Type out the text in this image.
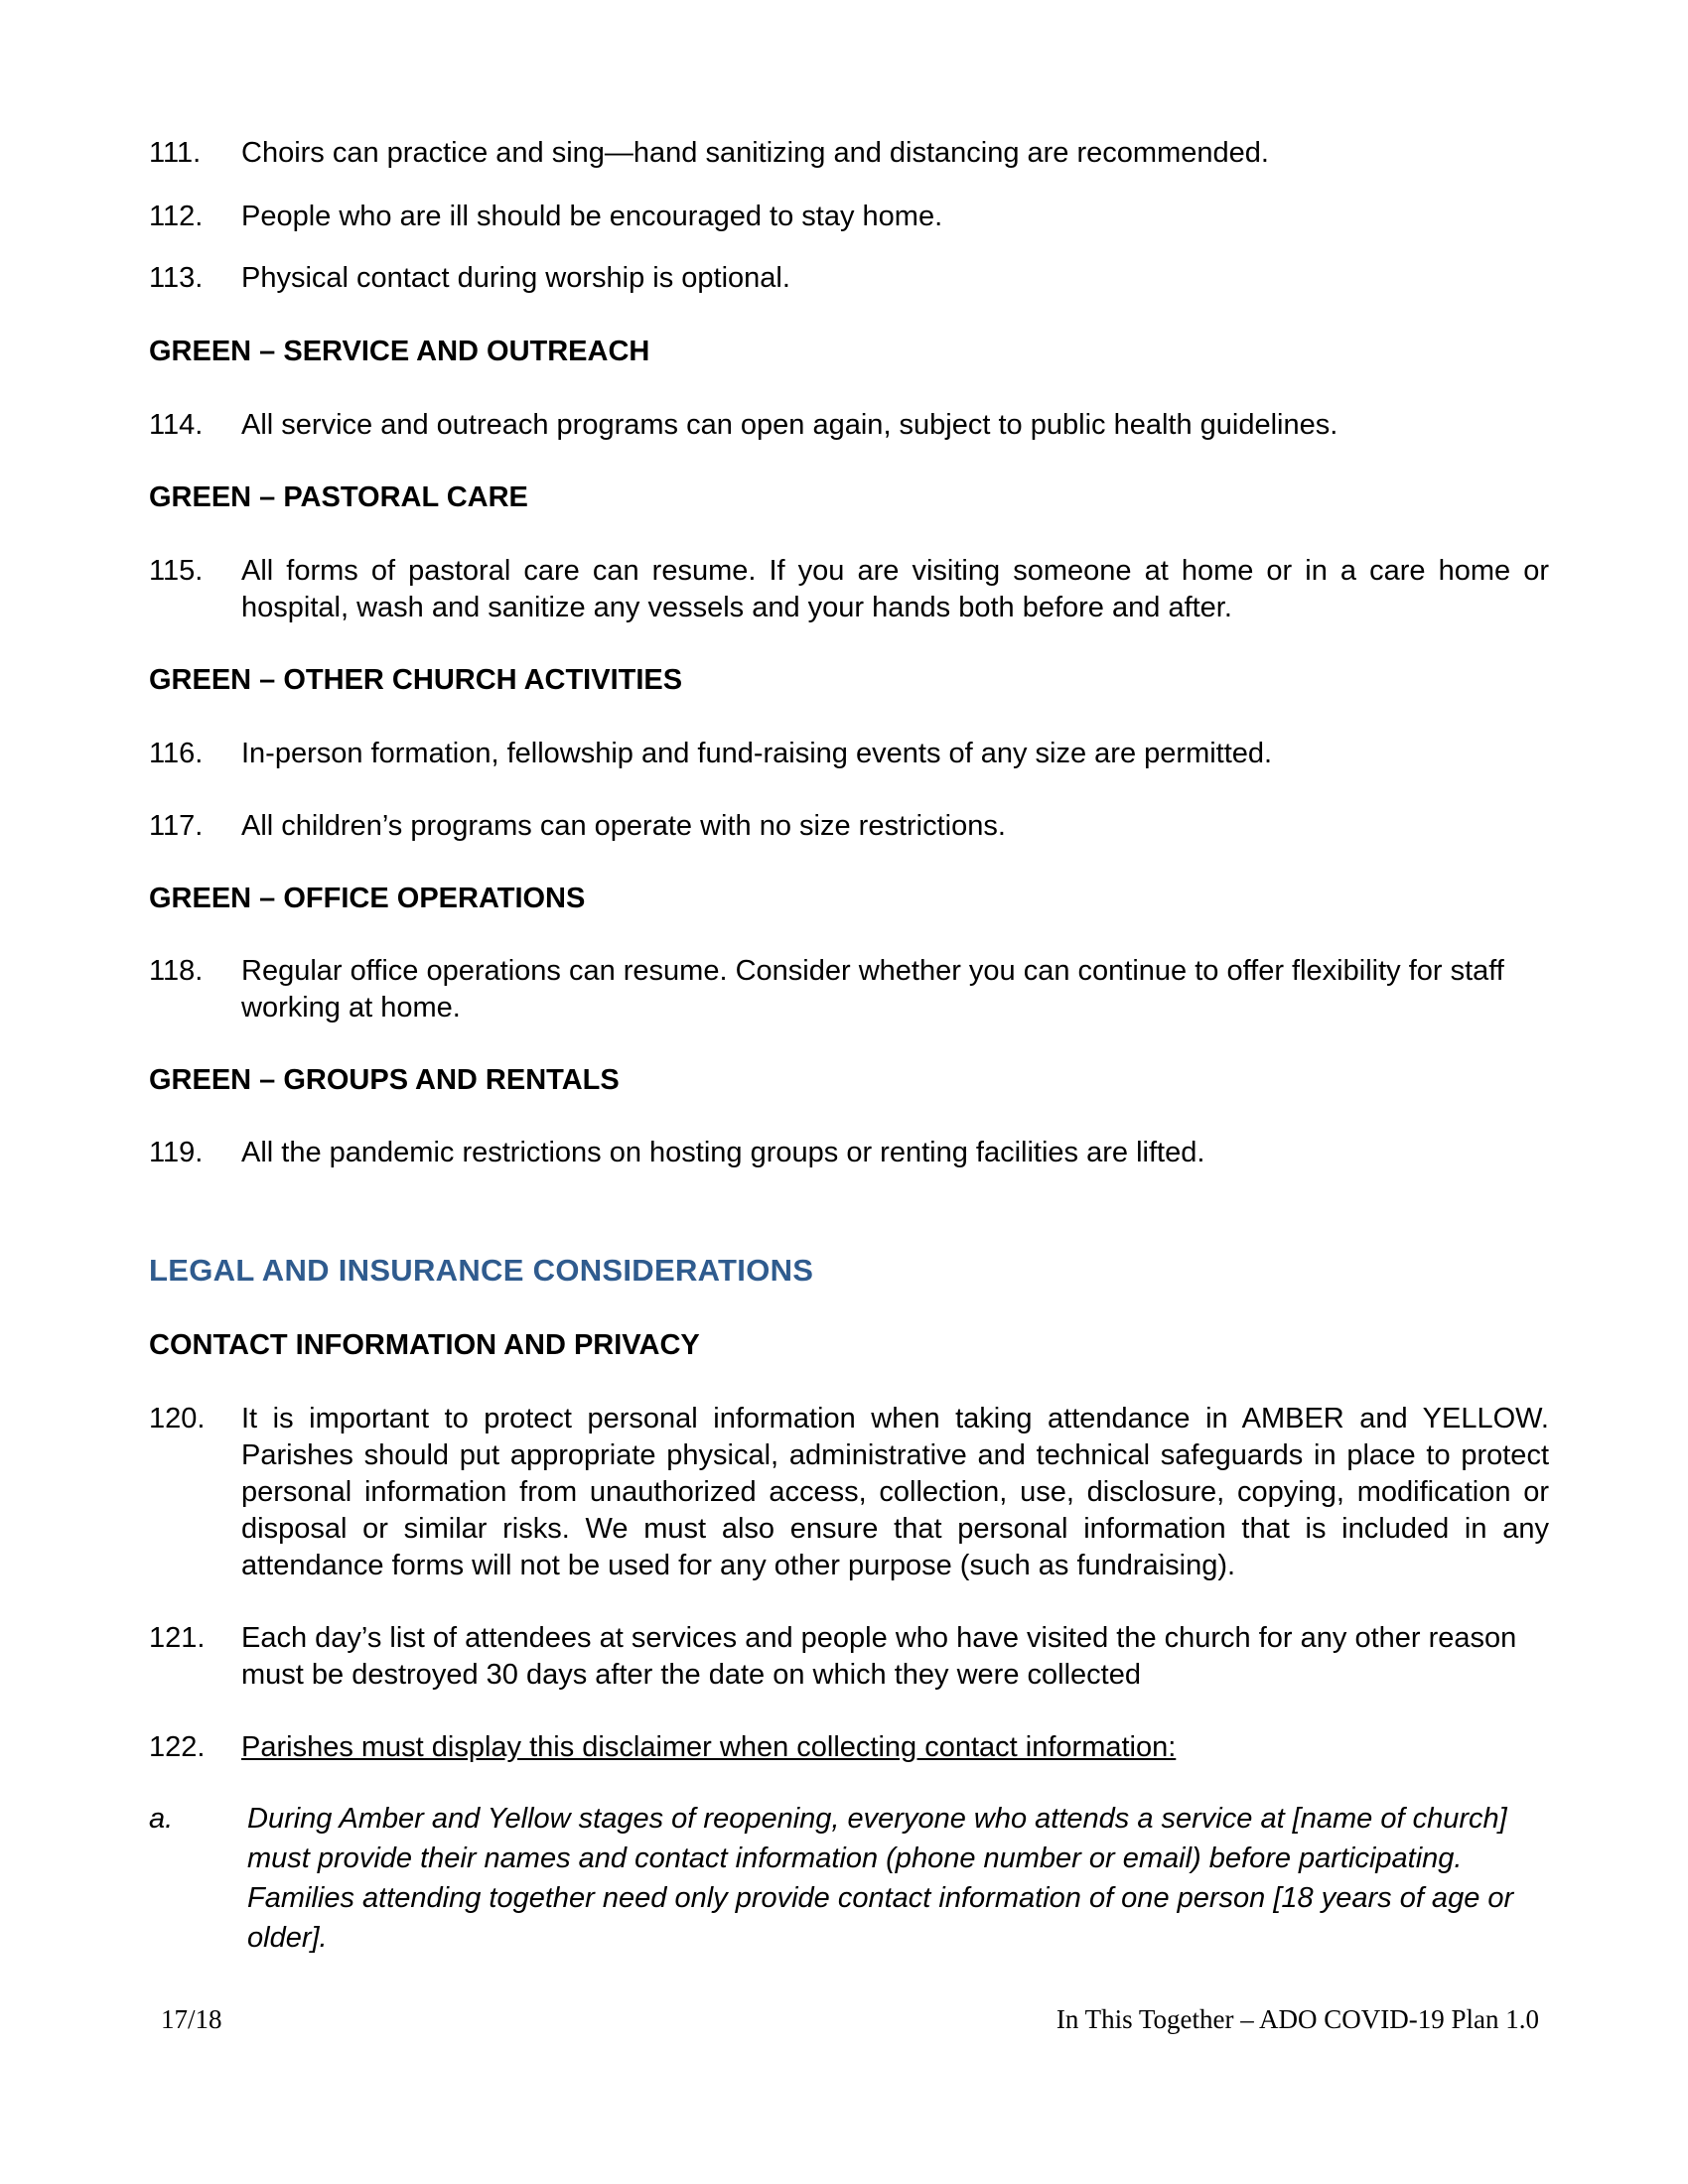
111.	Choirs can practice and sing—hand sanitizing and distancing are recommended.
112.	People who are ill should be encouraged to stay home.
113.	Physical contact during worship is optional.
GREEN – SERVICE AND OUTREACH
114.	All service and outreach programs can open again, subject to public health guidelines.
GREEN – PASTORAL CARE
115.	All forms of pastoral care can resume. If you are visiting someone at home or in a care home or hospital, wash and sanitize any vessels and your hands both before and after.
GREEN – OTHER CHURCH ACTIVITIES
116.	In-person formation, fellowship and fund-raising events of any size are permitted.
117.	All children’s programs can operate with no size restrictions.
GREEN – OFFICE OPERATIONS
118.	Regular office operations can resume. Consider whether you can continue to offer flexibility for staff working at home.
GREEN – GROUPS AND RENTALS
119.	All the pandemic restrictions on hosting groups or renting facilities are lifted.
LEGAL AND INSURANCE CONSIDERATIONS
CONTACT INFORMATION AND PRIVACY
120.	It is important to protect personal information when taking attendance in AMBER and YELLOW. Parishes should put appropriate physical, administrative and technical safeguards in place to protect personal information from unauthorized access, collection, use, disclosure, copying, modification or disposal or similar risks. We must also ensure that personal information that is included in any attendance forms will not be used for any other purpose (such as fundraising).
121.	Each day’s list of attendees at services and people who have visited the church for any other reason must be destroyed 30 days after the date on which they were collected
122.	Parishes must display this disclaimer when collecting contact information:
a.	During Amber and Yellow stages of reopening, everyone who attends a service at [name of church] must provide their names and contact information (phone number or email) before participating. Families attending together need only provide contact information of one person [18 years of age or older].
17/18	In This Together – ADO COVID-19 Plan 1.0
